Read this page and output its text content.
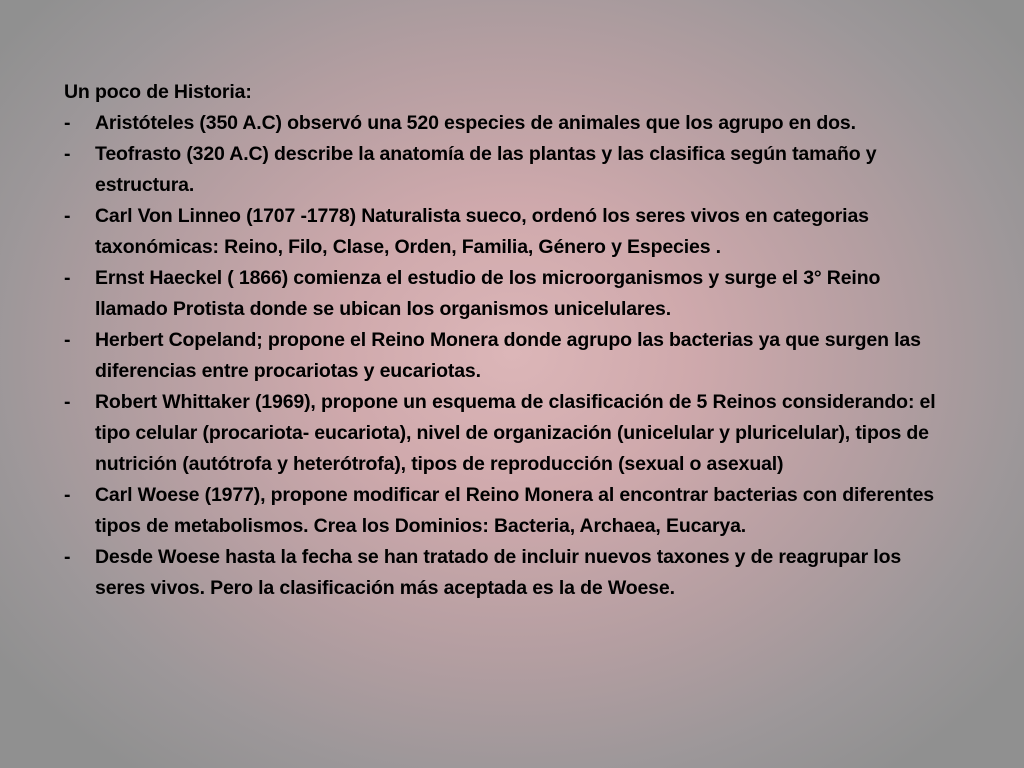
Un poco de Historia:

- Aristóteles (350 A.C) observó una 520 especies de animales que los agrupo en dos.
- Teofrasto (320 A.C) describe la anatomía de las plantas y las clasifica según tamaño y estructura.
- Carl Von Linneo (1707 -1778) Naturalista sueco, ordenó los seres vivos en categorias taxonómicas: Reino, Filo, Clase, Orden, Familia, Género y Especies .
- Ernst Haeckel ( 1866) comienza el estudio de los microorganismos y surge el 3° Reino llamado Protista donde se ubican los organismos unicelulares.
- Herbert Copeland; propone el Reino Monera donde agrupo las bacterias ya que surgen las diferencias entre procariotas y eucariotas.
- Robert Whittaker (1969), propone un esquema de clasificación de 5 Reinos considerando: el tipo celular (procariota- eucariota), nivel de organización (unicelular y pluricelular), tipos de nutrición (autótrofa y heterótrofa), tipos de reproducción (sexual o asexual)
- Carl Woese (1977), propone modificar el Reino Monera al encontrar bacterias con diferentes tipos de metabolismos. Crea los Dominios: Bacteria, Archaea, Eucarya.
- Desde Woese hasta la fecha se han tratado de incluir nuevos taxones y de reagrupar los seres vivos. Pero la clasificación más aceptada es la de Woese.
